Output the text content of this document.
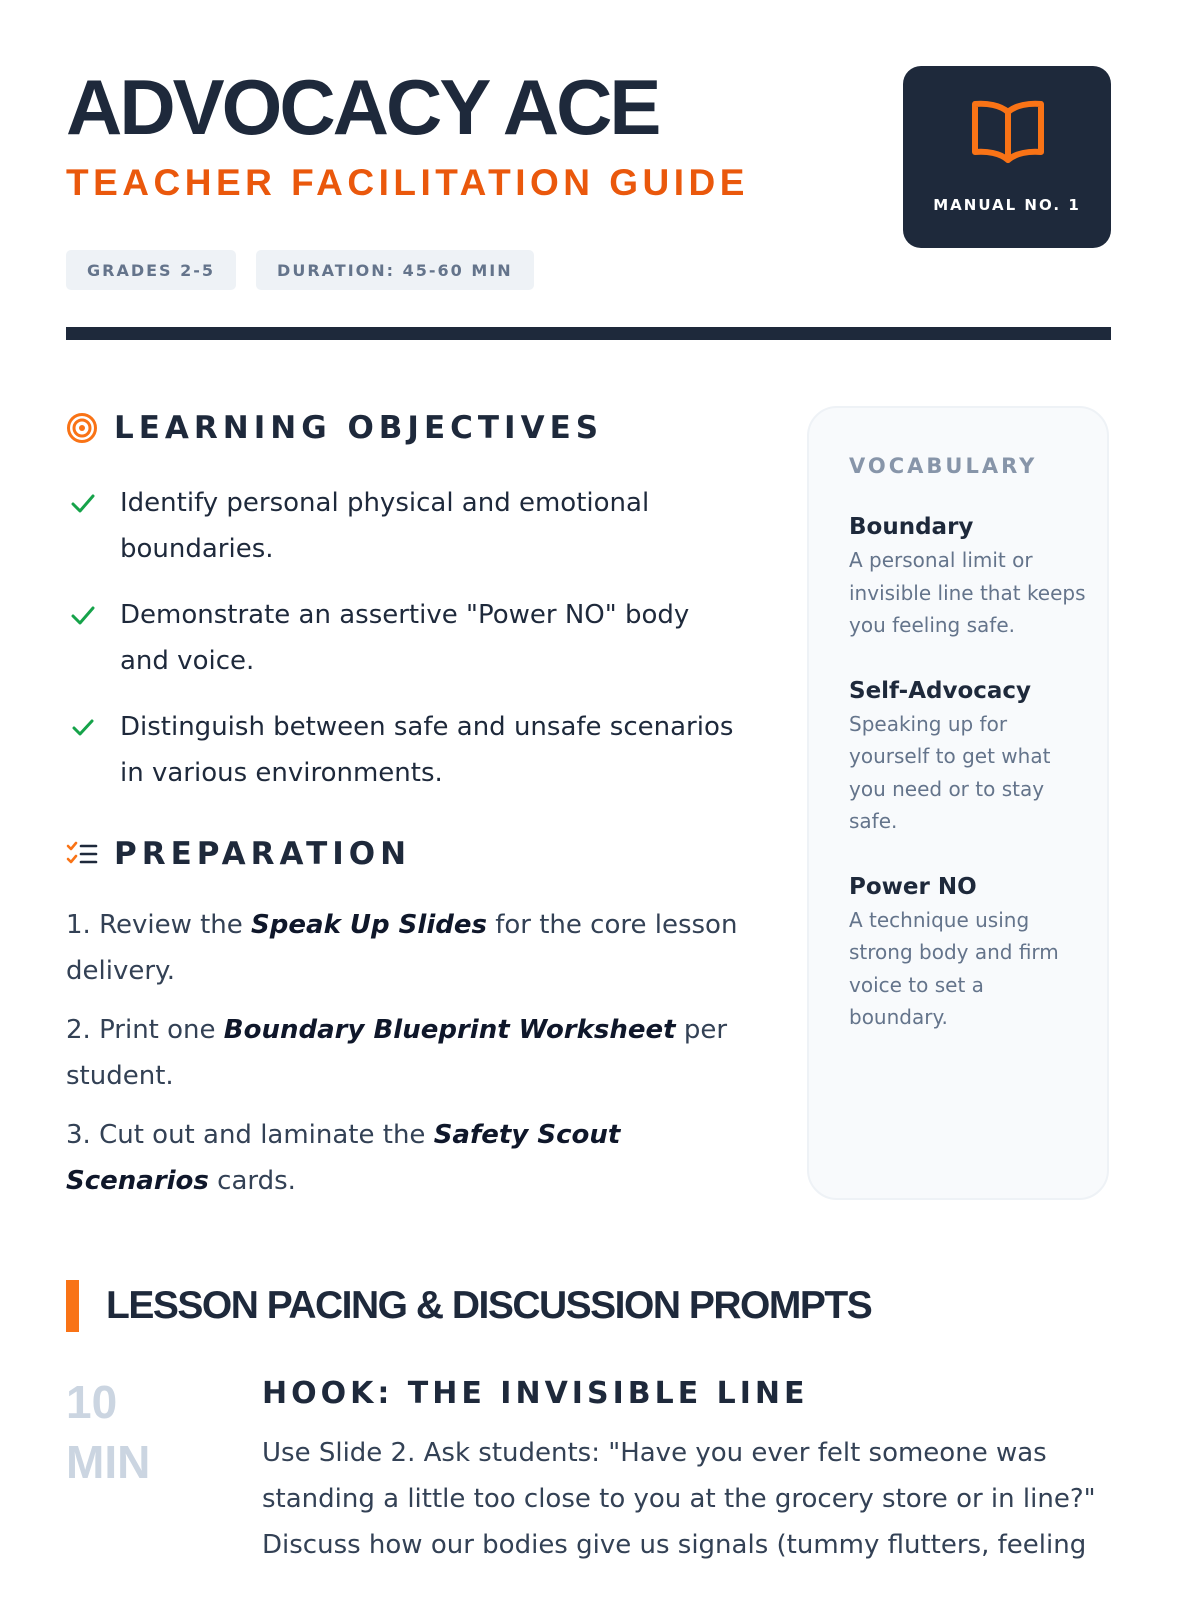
ADVOCACY ACE
TEACHER FACILITATION GUIDE
GRADES 2-5	DURATION: 45-60 MIN
MANUAL NO. 1
LEARNING OBJECTIVES
Identify personal physical and emotional boundaries.
Demonstrate an assertive "Power NO" body and voice.
Distinguish between safe and unsafe scenarios in various environments.
PREPARATION

1. Review the Speak Up Slides for the core lesson delivery.

2. Print one Boundary Blueprint Worksheet per student.

3. Cut out and laminate the Safety Scout Scenarios cards.

VOCABULARY
Boundary
A personal limit or invisible line that keeps you feeling safe.
Self-Advocacy
Speaking up for yourself to get what you need or to stay safe.
Power NO
A technique using strong body and firm voice to set a boundary.
LESSON PACING & DISCUSSION PROMPTS
10
MIN
HOOK: THE INVISIBLE LINE

Use Slide 2. Ask students: "Have you ever felt someone was standing a little too close to you at the grocery store or in line?" Discuss how our bodies give us signals (tummy flutters, feeling
